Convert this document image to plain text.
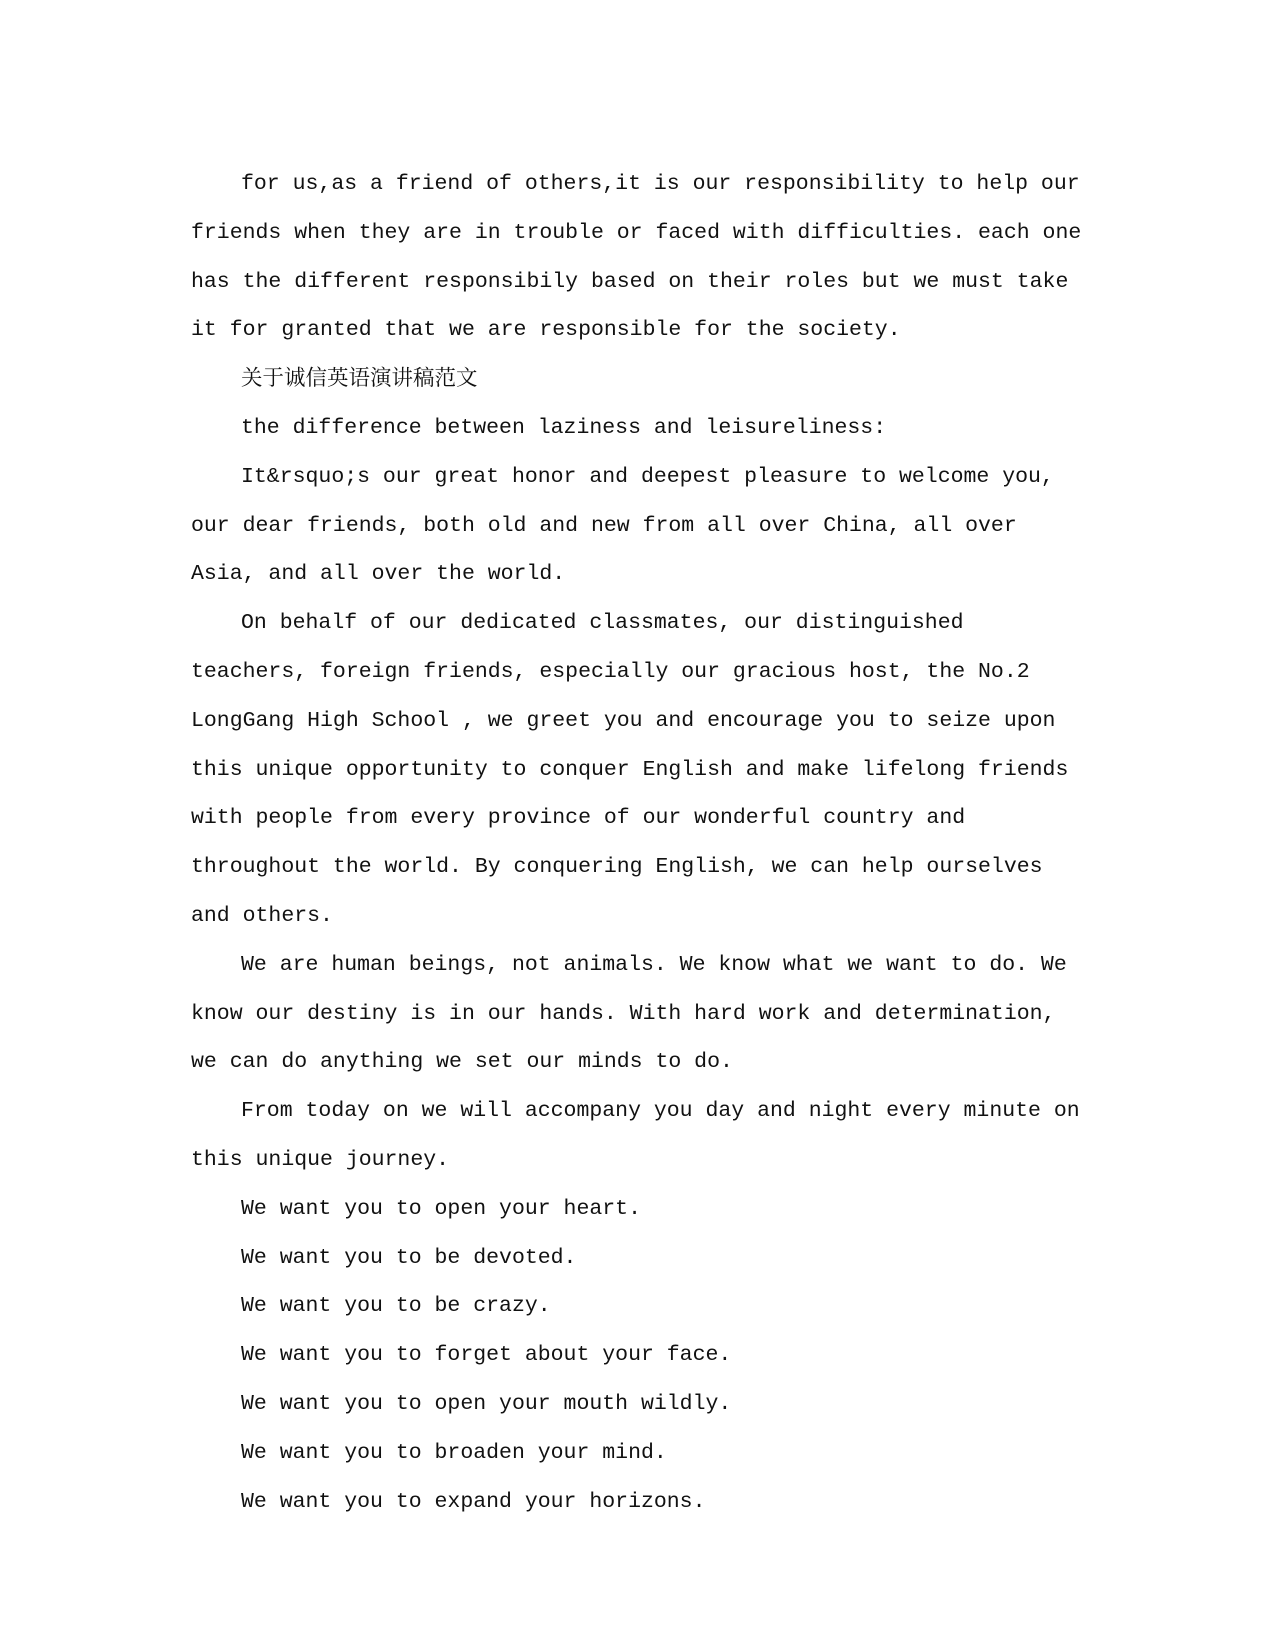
for us,as a friend of others,it is our responsibility to help our friends when they are in trouble or faced with difficulties. each one has the different responsibily based on their roles but we must take it for granted that we are responsible for the society.

关于诚信英语演讲稿范文

the difference between laziness and leisureliness:

It&rsquo;s our great honor and deepest pleasure to welcome you, our dear friends, both old and new from all over China, all over Asia, and all over the world.

On behalf of our dedicated classmates, our distinguished teachers, foreign friends, especially our gracious host, the No.2 LongGang High School , we greet you and encourage you to seize upon this unique opportunity to conquer English and make lifelong friends with people from every province of our wonderful country and throughout the world. By conquering English, we can help ourselves and others.

We are human beings, not animals. We know what we want to do. We know our destiny is in our hands. With hard work and determination, we can do anything we set our minds to do.

From today on we will accompany you day and night every minute on this unique journey.

We want you to open your heart.

We want you to be devoted.

We want you to be crazy.

We want you to forget about your face.

We want you to open your mouth wildly.

We want you to broaden your mind.

We want you to expand your horizons.
